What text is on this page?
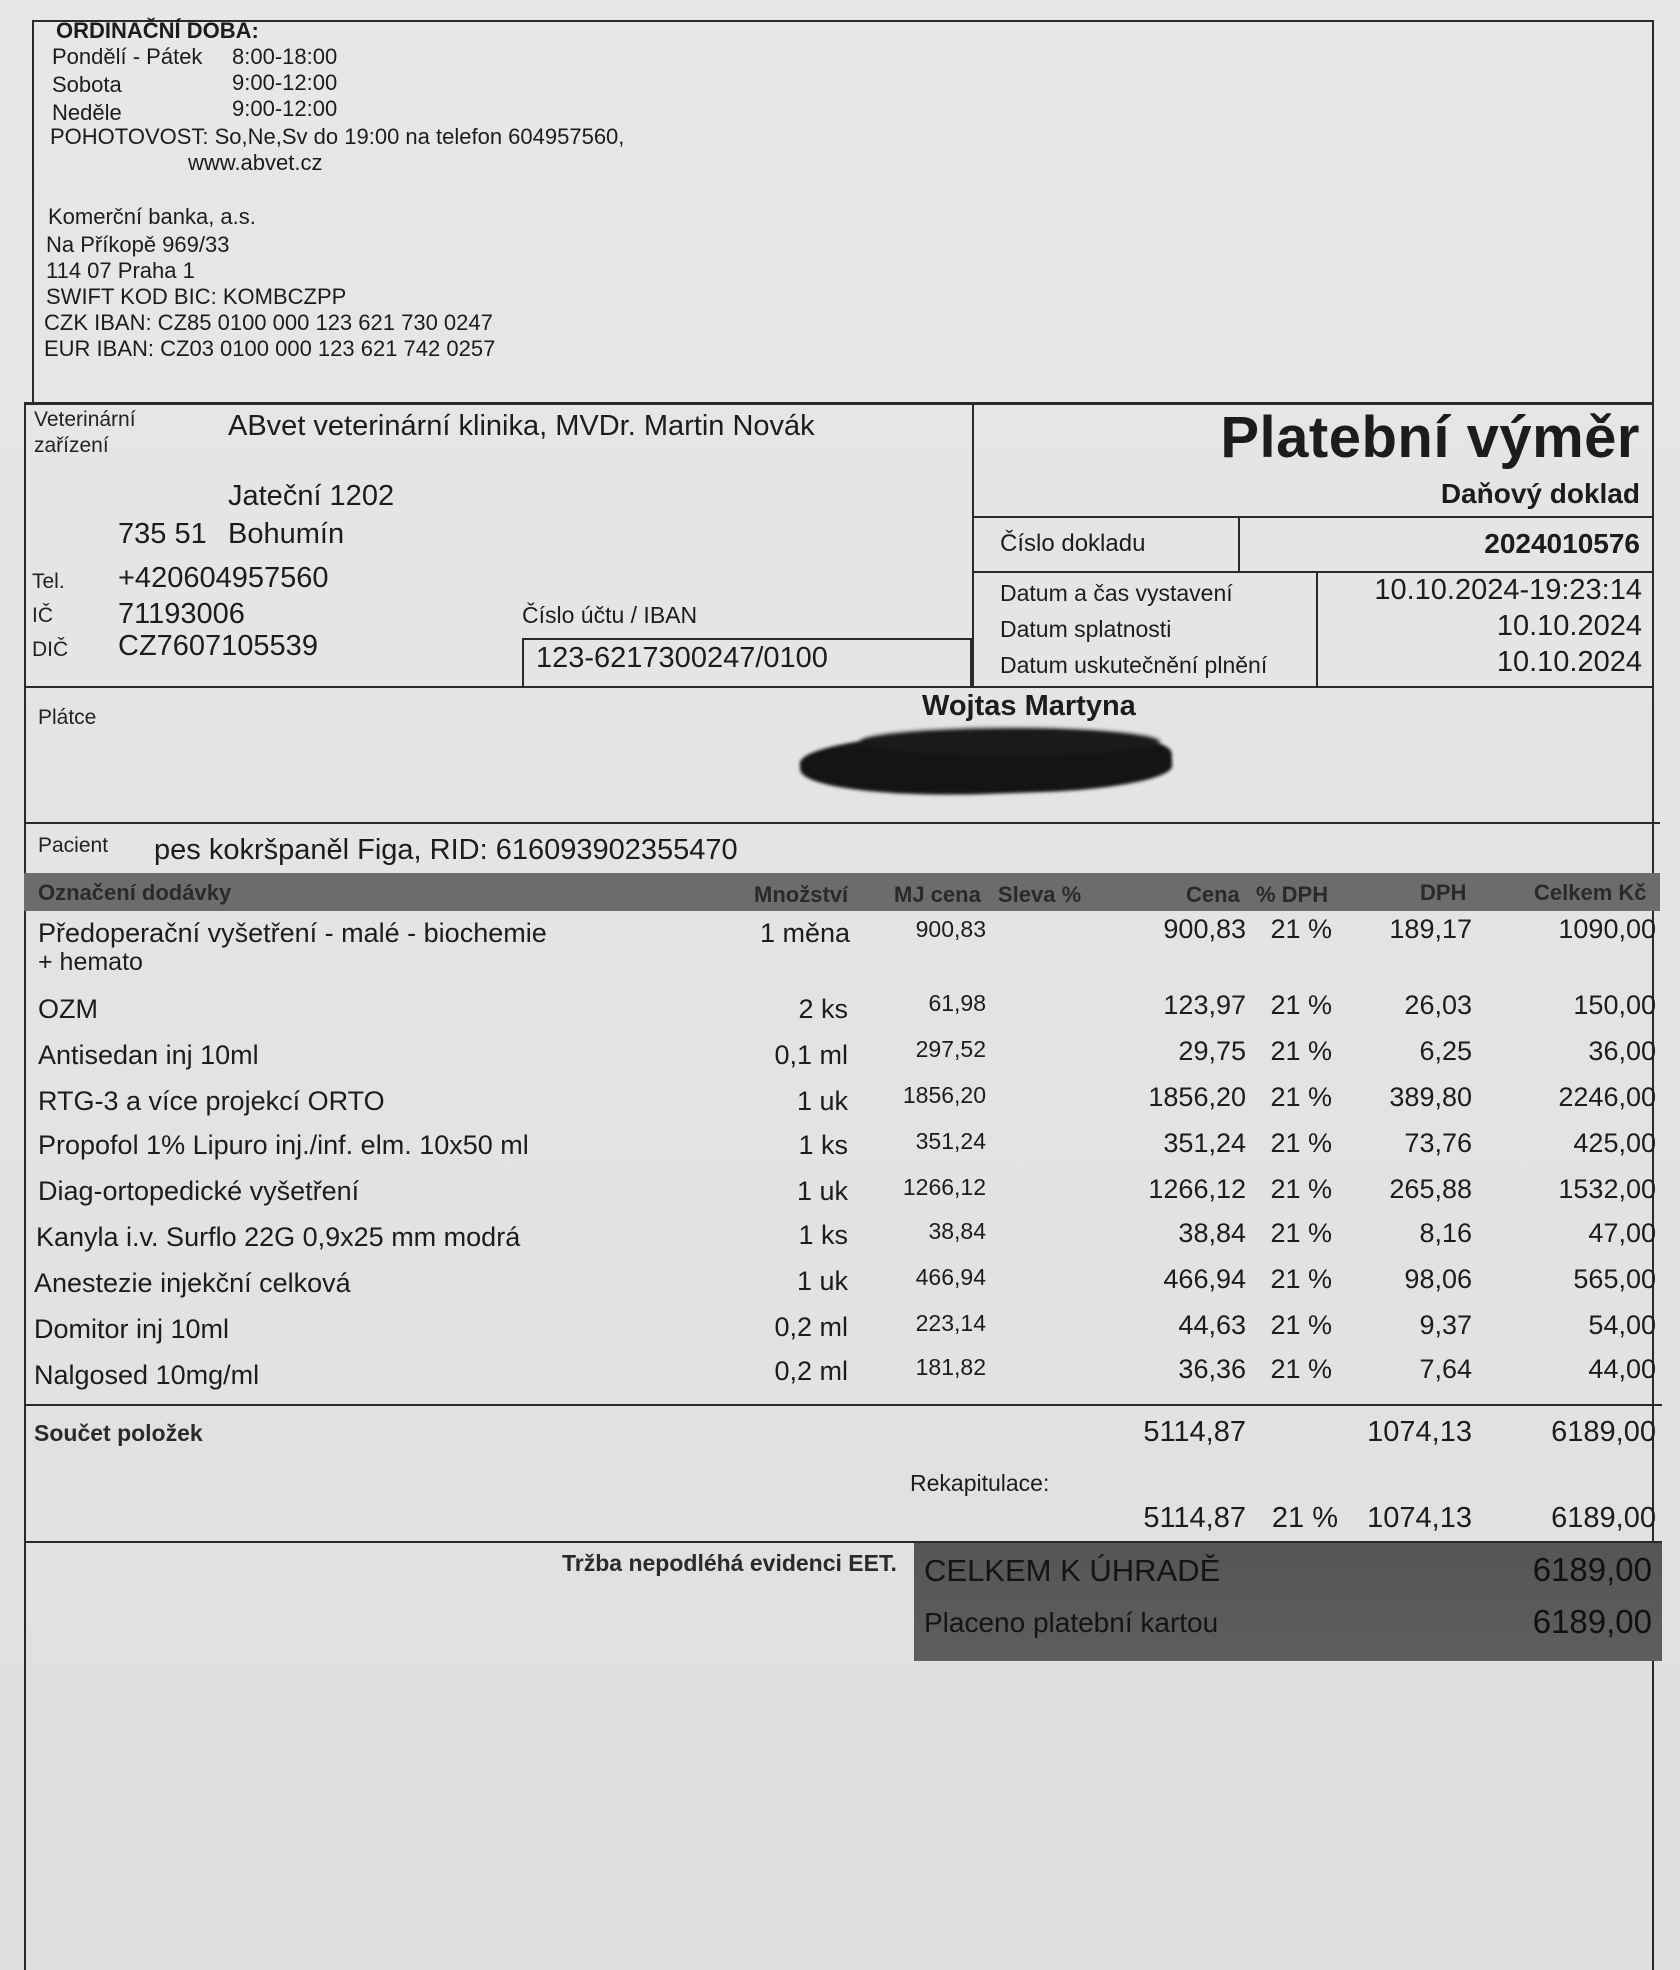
ORDINAČNÍ DOBA:
Pondělí - Pátek 8:00-18:00
Sobota	9:00-12:00
Neděle	9:00-12:00
POHOTOVOST: So,Ne,Sv do 19:00 na telefon 604957560,
www.abvet.cz
Komerční banka, a.s.
Na Příkopě 969/33
114 07 Praha 1
SWIFT KOD BIC: KOMBCZPP
CZK IBAN: CZ85 0100 000 123 621 730 0247
EUR IBAN: CZ03 0100 000 123 621 742 0257
Veterinární
zařízení
ABvet veterinární klinika, MVDr. Martin Novák
Jateční 1202
735 51 Bohumín
Tel. +420604957560
IČ 71193006
DIČ CZ7607105539
Číslo účtu / IBAN
123-6217300247/0100
Platební výměr
Daňový doklad
Číslo dokladu	2024010576
Datum a čas vystavení	10.10.2024-19:23:14
Datum splatnosti	10.10.2024
Datum uskutečnění plnění	10.10.2024
Plátce	Wojtas Martyna
Pacient pes kokršpaněl Figa, RID: 616093902355470
Označení dodávky	Množství MJ cena Sleva %	Cena % DPH	DPH	Celkem Kč
Předoperační vyšetření - malé - biochemie
+ hemato
1 měna	900,83	900,83 21 % 189,17	1090,00
OZM	2 ks	61,98	123,97 21 %	26,03	150,00
Antisedan inj 10ml	0,1 ml	297,52	29,75 21 %	6,25	36,00
RTG-3 a více projekcí ORTO	1 uk 1856,20	1856,20 21 % 389,80	2246,00
Propofol 1% Lipuro inj./inf. elm. 10x50 ml	1 ks	351,24	351,24 21 %	73,76	425,00
Diag-ortopedické vyšetření	1 uk 1266,12	1266,12 21 % 265,88	1532,00
Kanyla i.v. Surflo 22G 0,9x25 mm modrá	1 ks	38,84	38,84 21 %	8,16	47,00
Anestezie injekční celková	1 uk	466,94	466,94 21 %	98,06	565,00
Domitor inj 10ml	0,2 ml	223,14	44,63 21 %	9,37	54,00
Nalgosed 10mg/ml	0,2 ml	181,82	36,36 21 %	7,64	44,00
Součet položek	5114,87	1074,13	6189,00
Rekapitulace:
5114,87 21 % 1074,13	6189,00
Tržba nepodléhá evidenci EET. CELKEM K ÚHRADĚ	6189,00
Placeno platební kartou	6189,00
